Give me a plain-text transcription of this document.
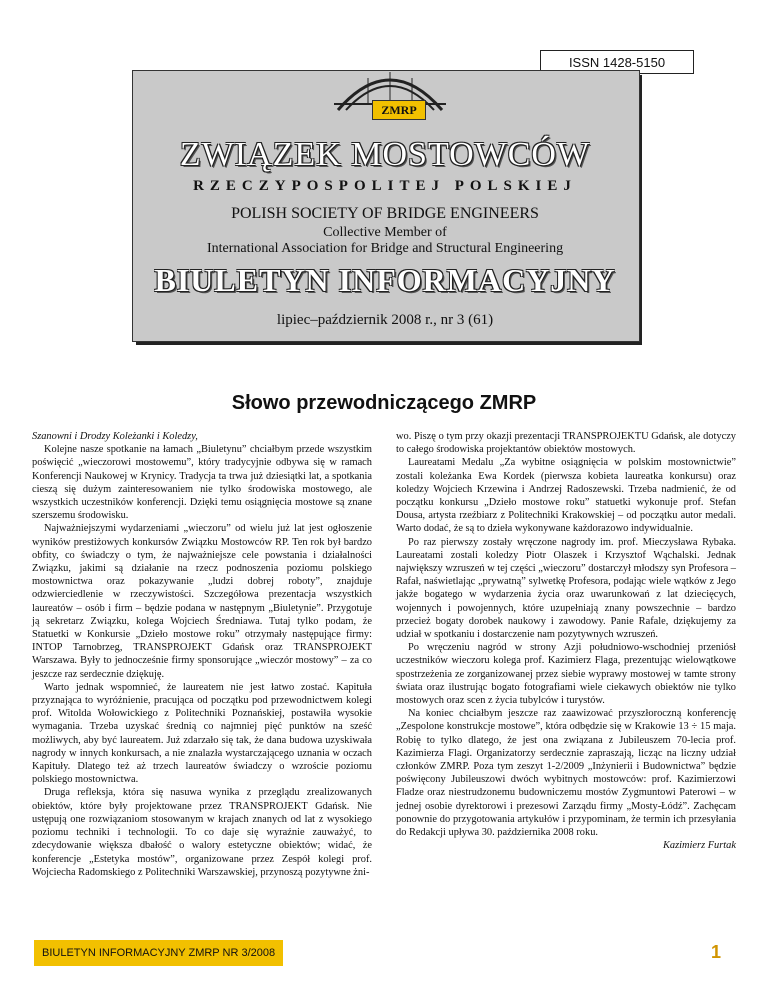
ISSN 1428-5150
ZMRP
ZWIĄZEK MOSTOWCÓW
RZECZYPOSPOLITEJ POLSKIEJ
POLISH SOCIETY OF BRIDGE ENGINEERS
Collective Member of
International Association for Bridge and Structural Engineering
BIULETYN INFORMACYJNY
lipiec–październik 2008 r., nr 3 (61)
Słowo przewodniczącego ZMRP

Szanowni i Drodzy Koleżanki i Koledzy,

Kolejne nasze spotkanie na łamach „Biuletynu” chciałbym przede wszystkim poświęcić „wieczorowi mostowemu”, który tradycyjnie odbywa się w ramach Konferencji Naukowej w Krynicy. Tradycja ta trwa już dziesiątki lat, a spotkania cieszą się dużym zainteresowaniem nie tylko środowiska mostowego, ale wszystkich uczestników konferencji. Dzięki temu osiągnięcia mostowe są znane szerszemu środowisku.

Najważniejszymi wydarzeniami „wieczoru” od wielu już lat jest ogłoszenie wyników prestiżowych konkursów Związku Mostowców RP. Ten rok był bardzo obfity, co świadczy o tym, że najważniejsze cele powstania i działalności Związku, jakimi są działanie na rzecz podnoszenia poziomu polskiego mostownictwa oraz pokazywanie „ludzi dobrej roboty”, znajduje odzwierciedlenie w rzeczywistości. Szczegółowa prezentacja wszystkich laureatów – osób i firm – będzie podana w następnym „Biuletynie”. Przygotuje ją sekretarz Związku, kolega Wojciech Średniawa. Tutaj tylko podam, że Statuetki w Konkursie „Dzieło mostowe roku” otrzymały następujące firmy: INTOP Tarnobrzeg, TRANSPROJEKT Gdańsk oraz TRANSPROJEKT Warszawa. Były to jednocześnie firmy sponsorujące „wieczór mostowy” – za co jeszcze raz serdecznie dziękuję.

Warto jednak wspomnieć, że laureatem nie jest łatwo zostać. Kapituła przyznająca to wyróżnienie, pracująca od początku pod przewodnictwem kolegi prof. Witolda Wołowickiego z Politechniki Poznańskiej, postawiła wysokie wymagania. Trzeba uzyskać średnią co najmniej pięć punktów na sześć możliwych, aby być laureatem. Już zdarzało się tak, że dana budowa uzyskiwała nagrody w innych konkursach, a nie znalazła wystarczającego uznania w oczach Kapituły. Dlatego też aż trzech laureatów świadczy o wzroście poziomu polskiego mostownictwa.

Druga refleksja, która się nasuwa wynika z przeglądu zrealizowanych obiektów, które były projektowane przez TRANSPROJEKT Gdańsk. Nie ustępują one rozwiązaniom stosowanym w krajach znanych od lat z wysokiego poziomu techniki i technologii. To co daje się wyraźnie zauważyć, to zdecydowanie większa dbałość o walory estetyczne obiektów; widać, że konferencje „Estetyka mostów”, organizowane przez Zespół kolegi prof. Wojciecha Radomskiego z Politechniki Warszawskiej, przynoszą pozytywne żni-

wo. Piszę o tym przy okazji prezentacji TRANSPROJEKTU Gdańsk, ale dotyczy to całego środowiska projektantów obiektów mostowych.

Laureatami Medalu „Za wybitne osiągnięcia w polskim mostownictwie” zostali koleżanka Ewa Kordek (pierwsza kobieta laureatka konkursu) oraz koledzy Wojciech Krzewina i Andrzej Radoszewski. Trzeba nadmienić, że od początku konkursu „Dzieło mostowe roku” statuetki wykonuje prof. Stefan Dousa, artysta rzeźbiarz z Politechniki Krakowskiej – od początku autor medali. Warto dodać, że są to dzieła wykonywane każdorazowo indywidualnie.

Po raz pierwszy zostały wręczone nagrody im. prof. Mieczysława Rybaka. Laureatami zostali koledzy Piotr Olaszek i Krzysztof Wąchalski. Jednak największy wzruszeń w tej części „wieczoru” dostarczył młodszy syn Profesora – Rafał, naświetlając „prywatną” sylwetkę Profesora, podając wiele wątków z Jego jakże bogatego w wydarzenia życia oraz uwarunkowań z lat dziecięcych, wojennych i powojennych, które uzupełniają znany powszechnie – bardzo przecież bogaty dorobek naukowy i zawodowy. Panie Rafale, dziękujemy za udział w spotkaniu i dostarczenie nam pozytywnych wzruszeń.

Po wręczeniu nagród w strony Azji południowo-wschodniej przeniósł uczestników wieczoru kolega prof. Kazimierz Flaga, prezentując wielowątkowe spostrzeżenia ze zorganizowanej przez siebie wyprawy mostowej w tamte strony świata oraz ilustrując bogato fotografiami wiele ciekawych obiektów nie tylko mostowych oraz scen z życia tubylców i turystów.

Na koniec chciałbym jeszcze raz zaawizować przyszłoroczną konferencję „Zespolone konstrukcje mostowe”, która odbędzie się w Krakowie 13 ÷ 15 maja. Robię to tylko dlatego, że jest ona związana z Jubileuszem 70-lecia prof. Kazimierza Flagi. Organizatorzy serdecznie zapraszają, licząc na liczny udział członków ZMRP. Poza tym zeszyt 1-2/2009 „Inżynierii i Budownictwa” będzie poświęcony Jubileuszowi dwóch wybitnych mostowców: prof. Kazimierzowi Fladze oraz niestrudzonemu budowniczemu mostów Zygmuntowi Paterowi – w jednej osobie dyrektorowi i prezesowi Zarządu firmy „Mosty-Łódź”. Zachęcam ponownie do przygotowania artykułów i przypominam, że termin ich przesyłania do Redakcji upływa 30. października 2008 roku.

Kazimierz Furtak

BIULETYN INFORMACYJNY ZMRP NR 3/2008	1
